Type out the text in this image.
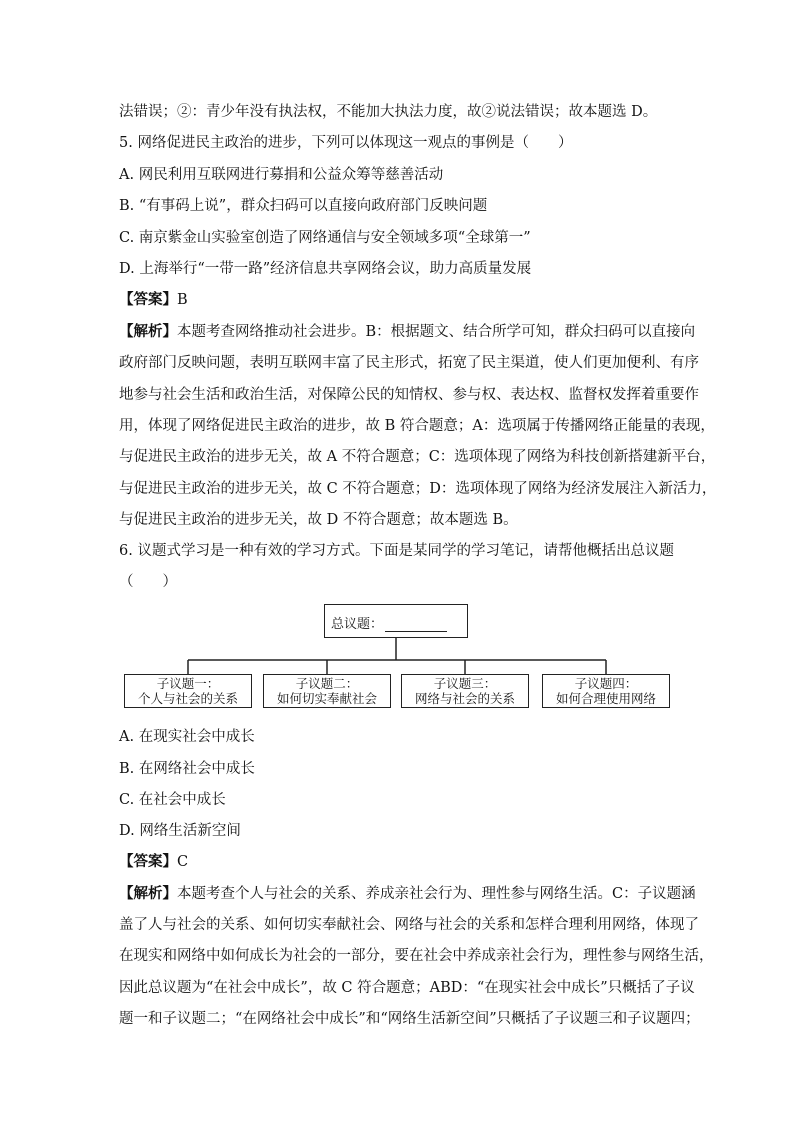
法错误；②：青少年没有执法权，不能加大执法力度，故②说法错误；故本题选 D。
5. 网络促进民主政治的进步，下列可以体现这一观点的事例是（　　）
A. 网民利用互联网进行募捐和公益众筹等慈善活动
B. “有事码上说”，群众扫码可以直接向政府部门反映问题
C. 南京紫金山实验室创造了网络通信与安全领域多项“全球第一”
D. 上海举行“一带一路”经济信息共享网络会议，助力高质量发展
【答案】B
【解析】本题考查网络推动社会进步。B：根据题文、结合所学可知，群众扫码可以直接向
政府部门反映问题，表明互联网丰富了民主形式，拓宽了民主渠道，使人们更加便利、有序
地参与社会生活和政治生活，对保障公民的知情权、参与权、表达权、监督权发挥着重要作
用，体现了网络促进民主政治的进步，故 B 符合题意；A：选项属于传播网络正能量的表现，
与促进民主政治的进步无关，故 A 不符合题意；C：选项体现了网络为科技创新搭建新平台，
与促进民主政治的进步无关，故 C 不符合题意；D：选项体现了网络为经济发展注入新活力，
与促进民主政治的进步无关，故 D 不符合题意；故本题选 B。
6. 议题式学习是一种有效的学习方式。下面是某同学的学习笔记，请帮他概括出总议题
（　　）
总议题：
子议题一：
个人与社会的关系
子议题二：
如何切实奉献社会
子议题三：
网络与社会的关系
子议题四：
如何合理使用网络
A. 在现实社会中成长
B. 在网络社会中成长
C. 在社会中成长
D. 网络生活新空间
【答案】C
【解析】本题考查个人与社会的关系、养成亲社会行为、理性参与网络生活。C：子议题涵
盖了人与社会的关系、如何切实奉献社会、网络与社会的关系和怎样合理利用网络，体现了
在现实和网络中如何成长为社会的一部分，要在社会中养成亲社会行为，理性参与网络生活，
因此总议题为“在社会中成长”，故 C 符合题意；ABD：“在现实社会中成长”只概括了子议
题一和子议题二；“在网络社会中成长”和“网络生活新空间”只概括了子议题三和子议题四；
